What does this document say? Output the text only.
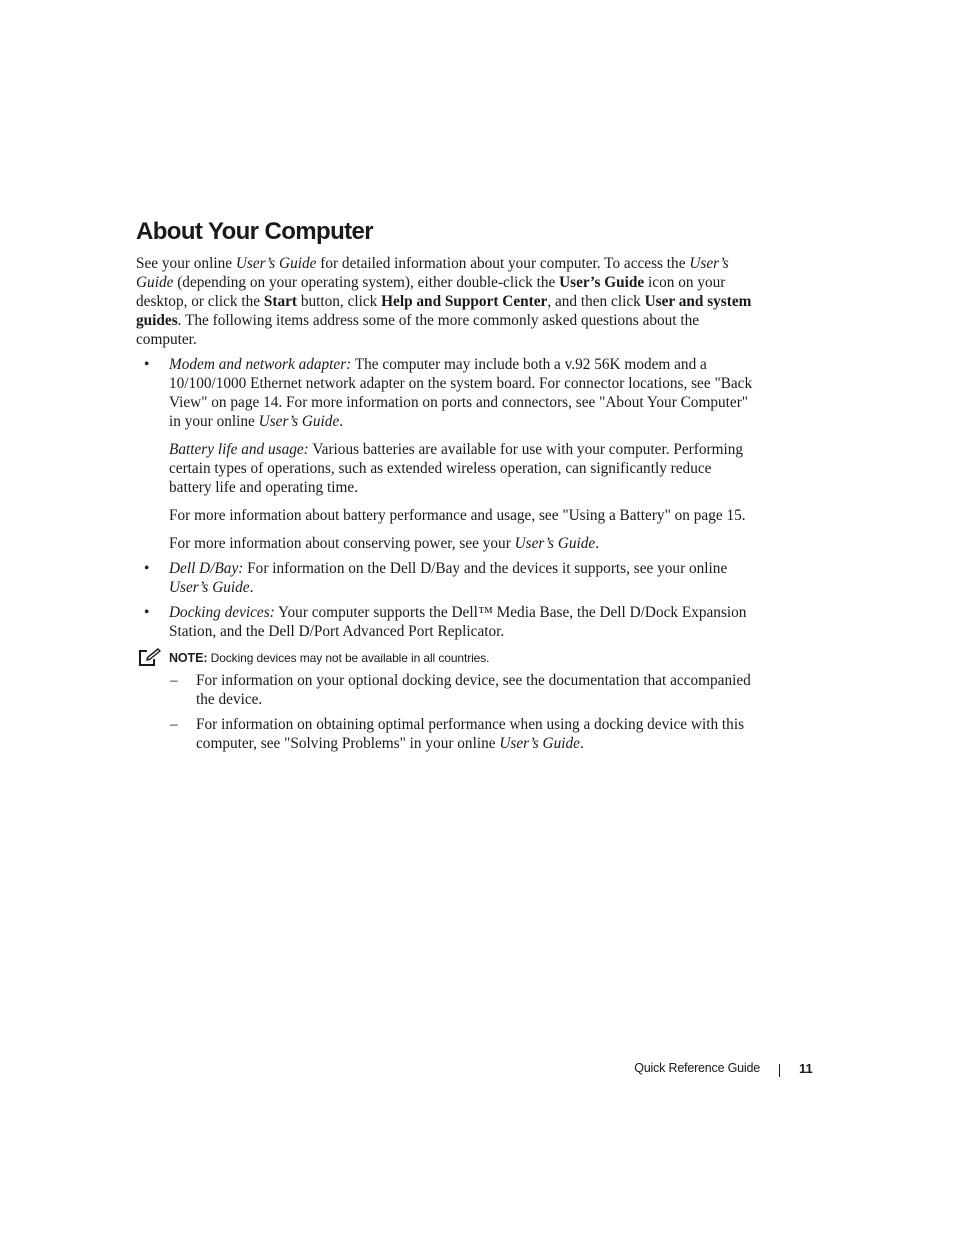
About Your Computer

See your online User’s Guide for detailed information about your computer. To access the User’s Guide (depending on your operating system), either double-click the User’s Guide icon on your desktop, or click the Start button, click Help and Support Center, and then click User and system guides. The following items address some of the more commonly asked questions about the computer.

• Modem and network adapter: The computer may include both a v.92 56K modem and a 10/100/1000 Ethernet network adapter on the system board. For connector locations, see "Back View" on page 14. For more information on ports and connectors, see "About Your Computer" in your online User’s Guide.

Battery life and usage: Various batteries are available for use with your computer. Performing certain types of operations, such as extended wireless operation, can significantly reduce battery life and operating time.

For more information about battery performance and usage, see "Using a Battery" on page 15.

For more information about conserving power, see your User’s Guide.

• Dell D/Bay: For information on the Dell D/Bay and the devices it supports, see your online User’s Guide.

• Docking devices: Your computer supports the Dell™ Media Base, the Dell D/Dock Expansion Station, and the Dell D/Port Advanced Port Replicator.

NOTE: Docking devices may not be available in all countries.
– For information on your optional docking device, see the documentation that accompanied the device.
– For information on obtaining optimal performance when using a docking device with this computer, see "Solving Problems" in your online User’s Guide.
Quick Reference Guide	11
